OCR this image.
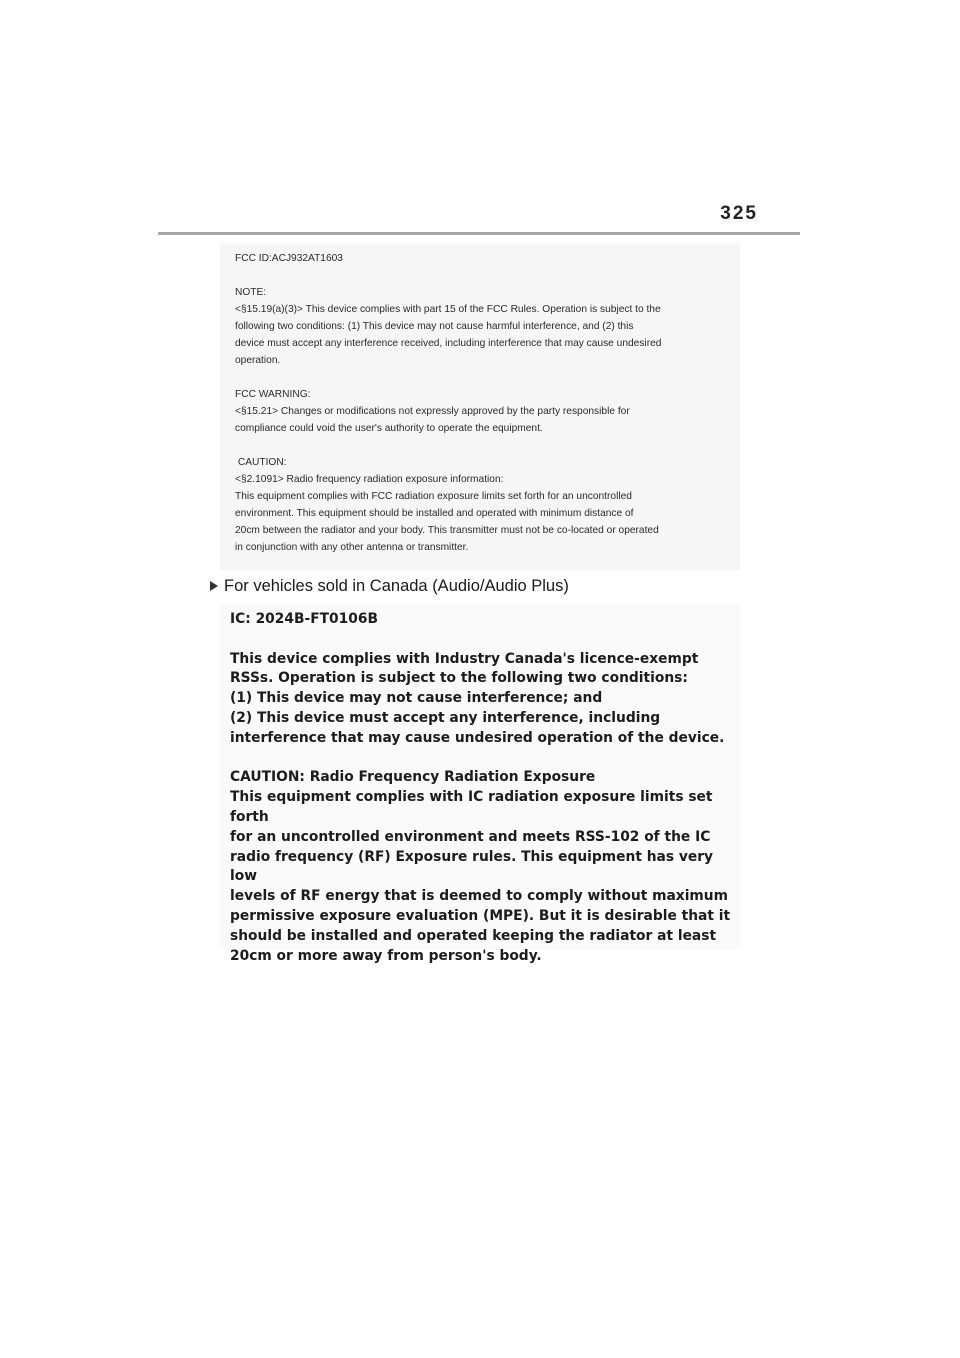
325

FCC ID:ACJ932AT1603

NOTE:

<§15.19(a)(3)> This device complies with part 15 of the FCC Rules. Operation is subject to the

following two conditions: (1) This device may not cause harmful interference, and (2) this

device must accept any interference received, including interference that may cause undesired

operation.

FCC WARNING:

<§15.21> Changes or modifications not expressly approved by the party responsible for

compliance could void the user's authority to operate the equipment.

CAUTION:

<§2.1091> Radio frequency radiation exposure information:

This equipment complies with FCC radiation exposure limits set forth for an uncontrolled

environment. This equipment should be installed and operated with minimum distance of

20cm between the radiator and your body. This transmitter must not be co-located or operated

in conjunction with any other antenna or transmitter.

For vehicles sold in Canada (Audio/Audio Plus)

IC: 2024B-FT0106B

This device complies with Industry Canada's licence-exempt

RSSs. Operation is subject to the following two conditions:

(1) This device may not cause interference; and

(2) This device must accept any interference, including

interference that may cause undesired operation of the device.

CAUTION: Radio Frequency Radiation Exposure

This equipment complies with IC radiation exposure limits set forth

for an uncontrolled environment and meets RSS-102 of the IC

radio frequency (RF) Exposure rules. This equipment has very low

levels of RF energy that is deemed to comply without maximum

permissive exposure evaluation (MPE). But it is desirable that it

should be installed and operated keeping the radiator at least

20cm or more away from person's body.
